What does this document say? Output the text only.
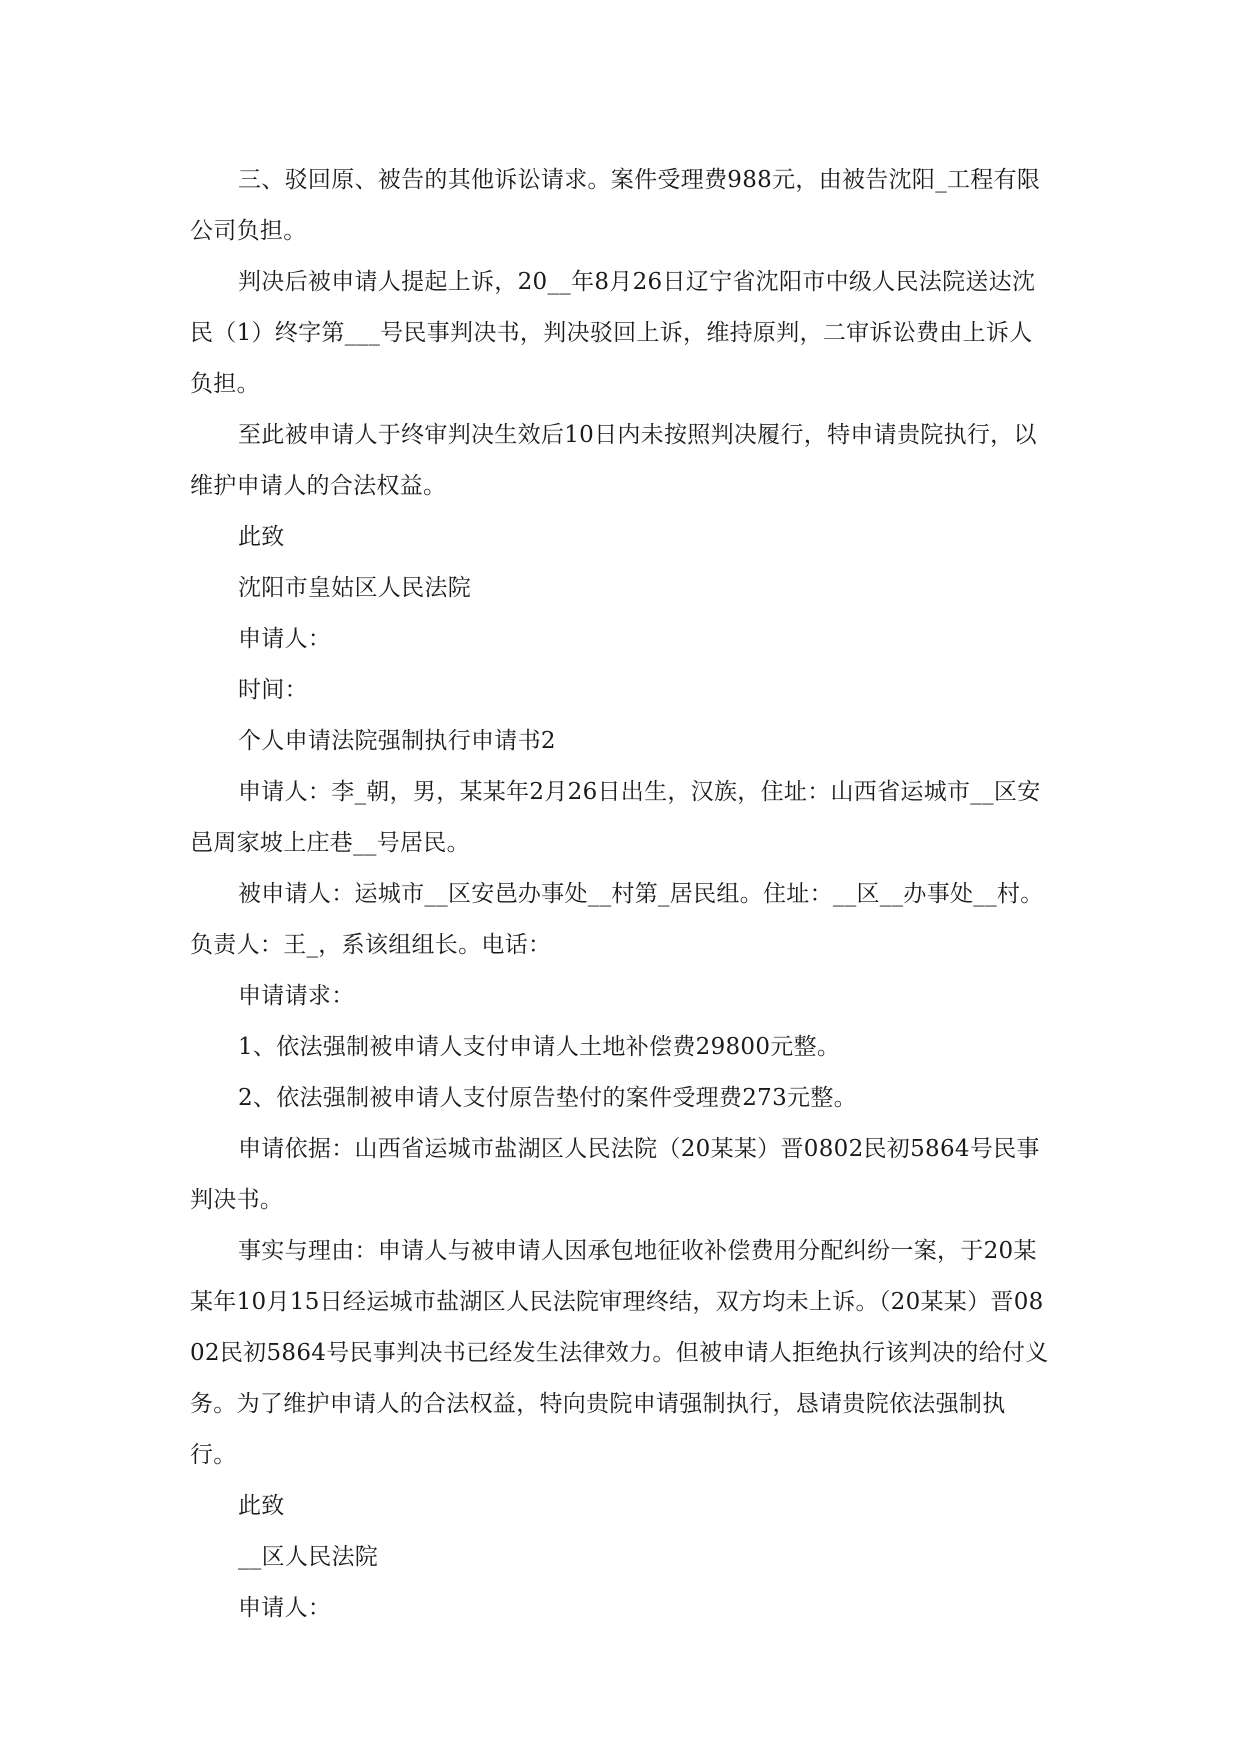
三、驳回原、被告的其他诉讼请求。案件受理费988元，由被告沈阳_工程有限公司负担。

判决后被申请人提起上诉，20__年8月26日辽宁省沈阳市中级人民法院送达沈民（1）终字第___号民事判决书，判决驳回上诉，维持原判，二审诉讼费由上诉人负担。

至此被申请人于终审判决生效后10日内未按照判决履行，特申请贵院执行，以维护申请人的合法权益。

此致

沈阳市皇姑区人民法院

申请人：

时间：

个人申请法院强制执行申请书2

申请人：李_朝，男，某某年2月26日出生，汉族，住址：山西省运城市__区安邑周家坡上庄巷__号居民。

被申请人：运城市__区安邑办事处__村第_居民组。住址：__区__办事处__村。负责人：王_，系该组组长。电话：

申请请求：

1、依法强制被申请人支付申请人土地补偿费29800元整。

2、依法强制被申请人支付原告垫付的案件受理费273元整。

申请依据：山西省运城市盐湖区人民法院（20某某）晋0802民初5864号民事判决书。

事实与理由：申请人与被申请人因承包地征收补偿费用分配纠纷一案，于20某某年10月15日经运城市盐湖区人民法院审理终结，双方均未上诉。（20某某）晋0802民初5864号民事判决书已经发生法律效力。但被申请人拒绝执行该判决的给付义务。为了维护申请人的合法权益，特向贵院申请强制执行，恳请贵院依法强制执行。

此致

__区人民法院

申请人：
